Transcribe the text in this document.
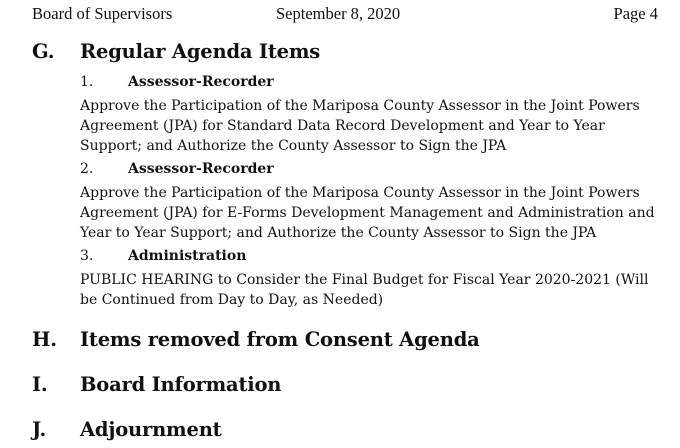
Board of Supervisors	September 8, 2020	Page 4
G. Regular Agenda Items
1. Assessor-Recorder
Approve the Participation of the Mariposa County Assessor in the Joint Powers Agreement (JPA) for Standard Data Record Development and Year to Year Support; and Authorize the County Assessor to Sign the JPA
2. Assessor-Recorder
Approve the Participation of the Mariposa County Assessor in the Joint Powers Agreement (JPA) for E-Forms Development Management and Administration and Year to Year Support; and Authorize the County Assessor to Sign the JPA
3. Administration
PUBLIC HEARING to Consider the Final Budget for Fiscal Year 2020-2021 (Will be Continued from Day to Day, as Needed)
H. Items removed from Consent Agenda
I. Board Information
J. Adjournment
